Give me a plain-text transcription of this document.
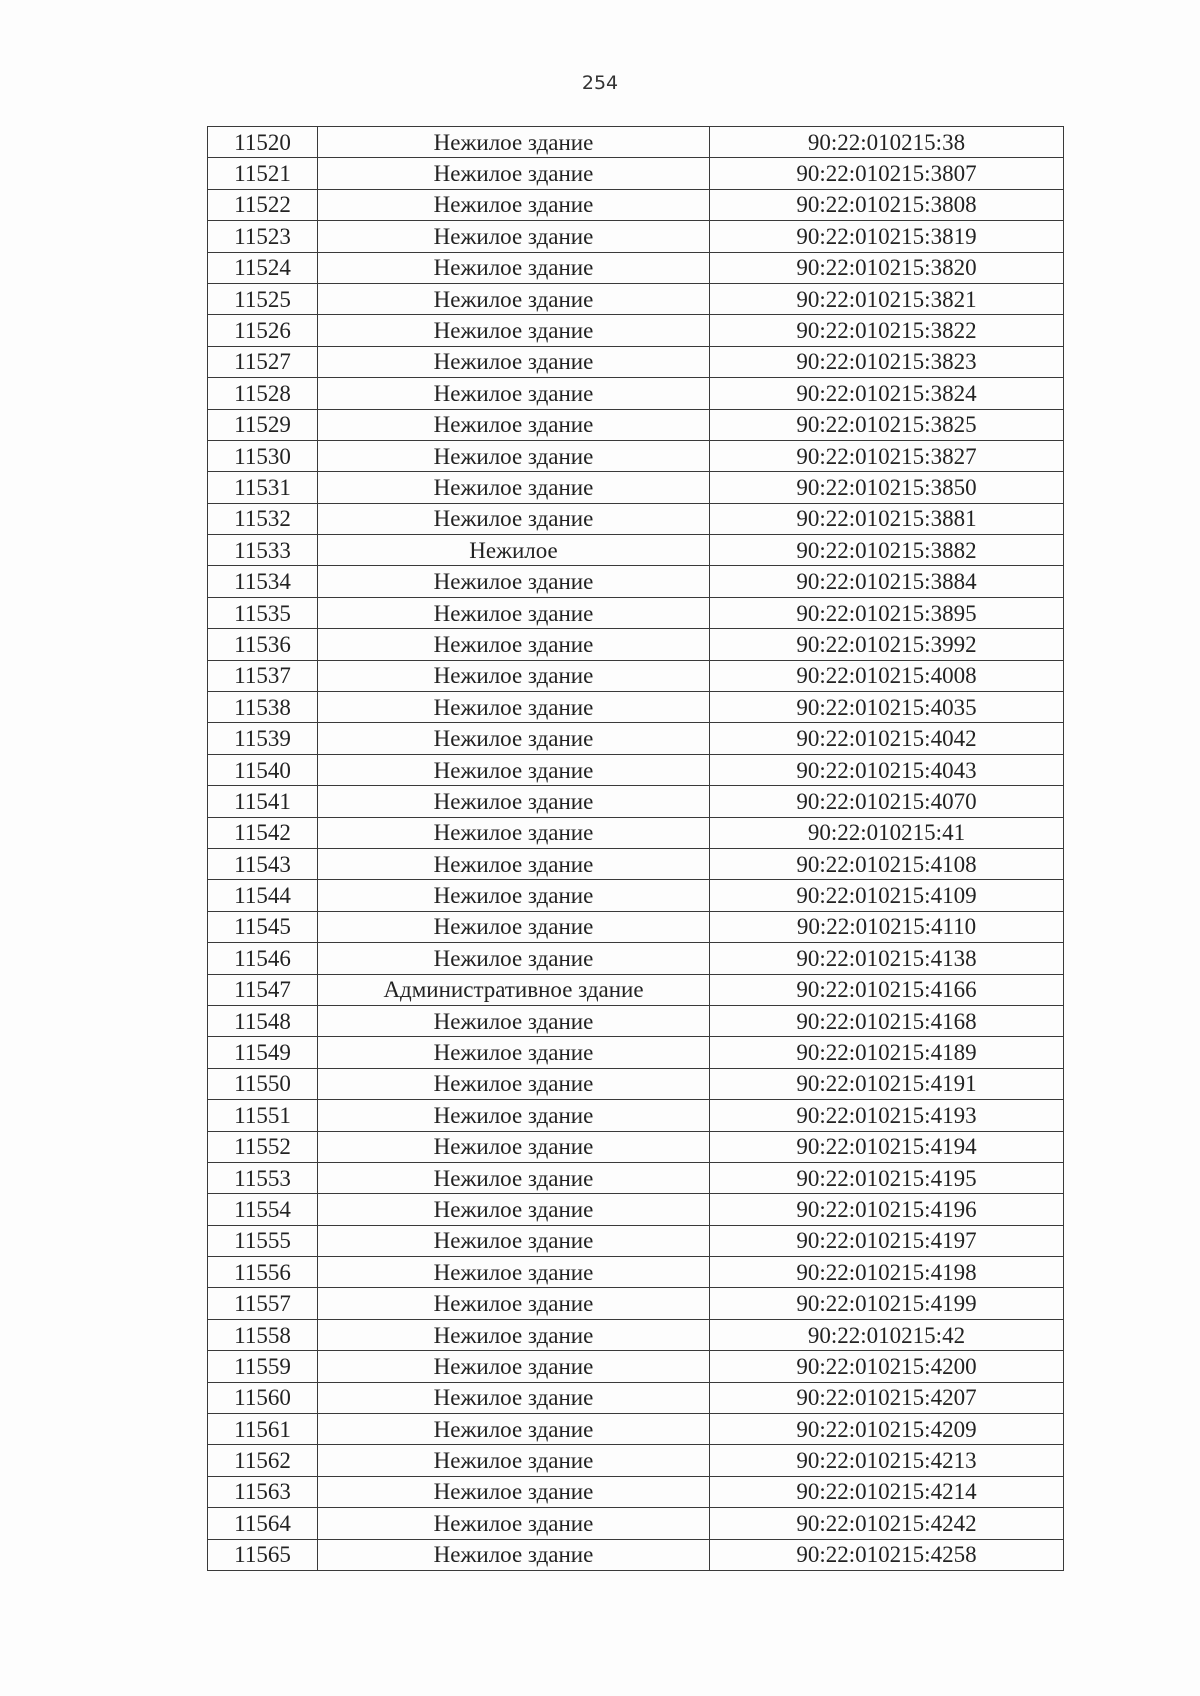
254
11520	Нежилое здание	90:22:010215:38
11521	Нежилое здание	90:22:010215:3807
11522	Нежилое здание	90:22:010215:3808
11523	Нежилое здание	90:22:010215:3819
11524	Нежилое здание	90:22:010215:3820
11525	Нежилое здание	90:22:010215:3821
11526	Нежилое здание	90:22:010215:3822
11527	Нежилое здание	90:22:010215:3823
11528	Нежилое здание	90:22:010215:3824
11529	Нежилое здание	90:22:010215:3825
11530	Нежилое здание	90:22:010215:3827
11531	Нежилое здание	90:22:010215:3850
11532	Нежилое здание	90:22:010215:3881
11533	Нежилое	90:22:010215:3882
11534	Нежилое здание	90:22:010215:3884
11535	Нежилое здание	90:22:010215:3895
11536	Нежилое здание	90:22:010215:3992
11537	Нежилое здание	90:22:010215:4008
11538	Нежилое здание	90:22:010215:4035
11539	Нежилое здание	90:22:010215:4042
11540	Нежилое здание	90:22:010215:4043
11541	Нежилое здание	90:22:010215:4070
11542	Нежилое здание	90:22:010215:41
11543	Нежилое здание	90:22:010215:4108
11544	Нежилое здание	90:22:010215:4109
11545	Нежилое здание	90:22:010215:4110
11546	Нежилое здание	90:22:010215:4138
11547	Административное здание	90:22:010215:4166
11548	Нежилое здание	90:22:010215:4168
11549	Нежилое здание	90:22:010215:4189
11550	Нежилое здание	90:22:010215:4191
11551	Нежилое здание	90:22:010215:4193
11552	Нежилое здание	90:22:010215:4194
11553	Нежилое здание	90:22:010215:4195
11554	Нежилое здание	90:22:010215:4196
11555	Нежилое здание	90:22:010215:4197
11556	Нежилое здание	90:22:010215:4198
11557	Нежилое здание	90:22:010215:4199
11558	Нежилое здание	90:22:010215:42
11559	Нежилое здание	90:22:010215:4200
11560	Нежилое здание	90:22:010215:4207
11561	Нежилое здание	90:22:010215:4209
11562	Нежилое здание	90:22:010215:4213
11563	Нежилое здание	90:22:010215:4214
11564	Нежилое здание	90:22:010215:4242
11565	Нежилое здание	90:22:010215:4258
